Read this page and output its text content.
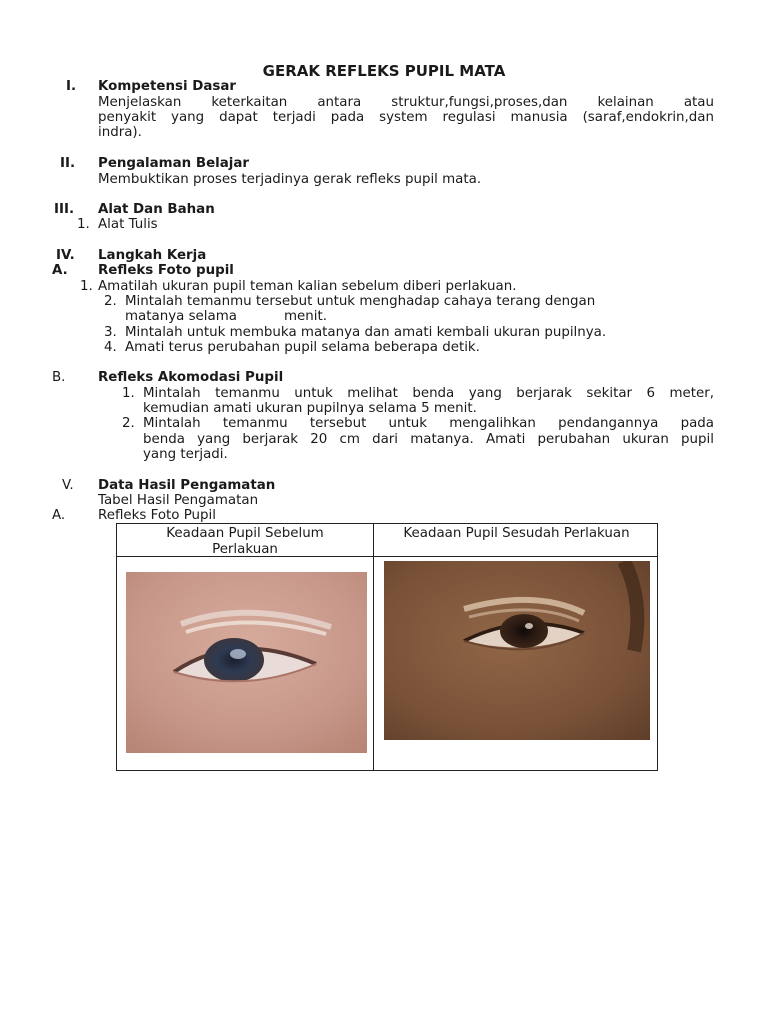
GERAK REFLEKS PUPIL MATA
I. Kompetensi Dasar
Menjelaskan keterkaitan antara struktur,fungsi,proses,dan kelainan atau
penyakit yang dapat terjadi pada system regulasi manusia (saraf,endokrin,dan
indra).
II. Pengalaman Belajar
Membuktikan proses terjadinya gerak refleks pupil mata.
III. Alat Dan Bahan
1. Alat Tulis
IV. Langkah Kerja
A. Refleks Foto pupil
1. Amatilah ukuran pupil teman kalian sebelum diberi perlakuan.
2. Mintalah temanmu tersebut untuk menghadap cahaya terang dengan
matanya selama	menit.
3. Mintalah untuk membuka matanya dan amati kembali ukuran pupilnya.
4. Amati terus perubahan pupil selama beberapa detik.
B. Refleks Akomodasi Pupil
1. Mintalah temanmu untuk melihat benda yang berjarak sekitar 6 meter,
kemudian amati ukuran pupilnya selama 5 menit.
2. Mintalah temanmu tersebut untuk mengalihkan pendangannya pada
benda yang berjarak 20 cm dari matanya. Amati perubahan ukuran pupil
yang terjadi.
V. Data Hasil Pengamatan
Tabel Hasil Pengamatan
A. Refleks Foto Pupil
Keadaan Pupil Sebelum
Perlakuan
Keadaan Pupil Sesudah Perlakuan
